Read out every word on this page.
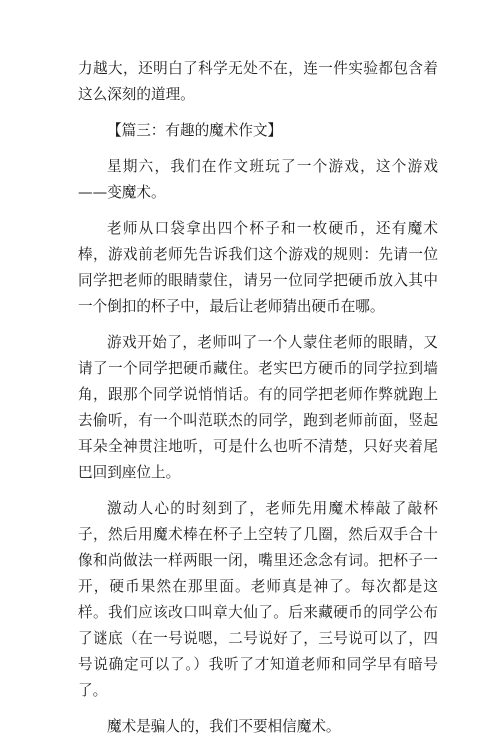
力越大，还明白了科学无处不在，连一件实验都包含着这么深刻的道理。

【篇三：有趣的魔术作文】

星期六，我们在作文班玩了一个游戏，这个游戏——变魔术。

老师从口袋拿出四个杯子和一枚硬币，还有魔术棒，游戏前老师先告诉我们这个游戏的规则：先请一位同学把老师的眼睛蒙住，请另一位同学把硬币放入其中一个倒扣的杯子中，最后让老师猜出硬币在哪。

游戏开始了，老师叫了一个人蒙住老师的眼睛，又请了一个同学把硬币藏住。老实巴方硬币的同学拉到墙角，跟那个同学说悄悄话。有的同学把老师作弊就跑上去偷听，有一个叫范联杰的同学，跑到老师前面，竖起耳朵全神贯注地听，可是什么也听不清楚，只好夹着尾巴回到座位上。

激动人心的时刻到了，老师先用魔术棒敲了敲杯子，然后用魔术棒在杯子上空转了几圈，然后双手合十像和尚做法一样两眼一闭，嘴里还念念有词。把杯子一开，硬币果然在那里面。老师真是神了。每次都是这样。我们应该改口叫章大仙了。后来藏硬币的同学公布了谜底（在一号说嗯，二号说好了，三号说可以了，四号说确定可以了。）我听了才知道老师和同学早有暗号了。

魔术是骗人的，我们不要相信魔术。
